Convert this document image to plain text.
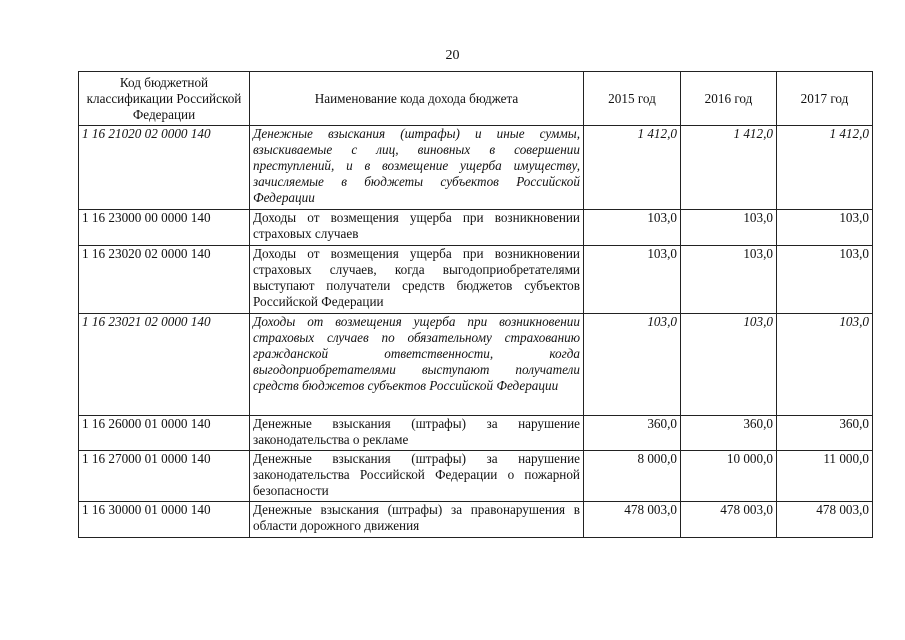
20
Код бюджетной классификации Российской Федерации	Наименование кода дохода бюджета	2015 год	2016 год	2017 год
1 16 21020 02 0000 140	Денежные взыскания (штрафы) и иные суммы, взыскиваемые с лиц, виновных в совершении преступлений, и в возмещение ущерба имуществу, зачисляемые в бюджеты субъектов Российской Федерации	1 412,0	1 412,0	1 412,0
1 16 23000 00 0000 140	Доходы от возмещения ущерба при возникновении страховых случаев	103,0	103,0	103,0
1 16 23020 02 0000 140	Доходы от возмещения ущерба при возникновении страховых случаев, когда выгодоприобретателями выступают получатели средств бюджетов субъектов Российской Федерации	103,0	103,0	103,0
1 16 23021 02 0000 140	Доходы от возмещения ущерба при возникновении страховых случаев по обязательному страхованию гражданской ответственности, когда выгодоприобретателями выступают получатели средств бюджетов субъектов Российской Федерации	103,0	103,0	103,0
1 16 26000 01 0000 140	Денежные взыскания (штрафы) за нарушение законодательства о рекламе	360,0	360,0	360,0
1 16 27000 01 0000 140	Денежные взыскания (штрафы) за нарушение законодательства Российской Федерации о пожарной безопасности	8 000,0	10 000,0	11 000,0
1 16 30000 01 0000 140	Денежные взыскания (штрафы) за правонарушения в области дорожного движения	478 003,0	478 003,0	478 003,0
